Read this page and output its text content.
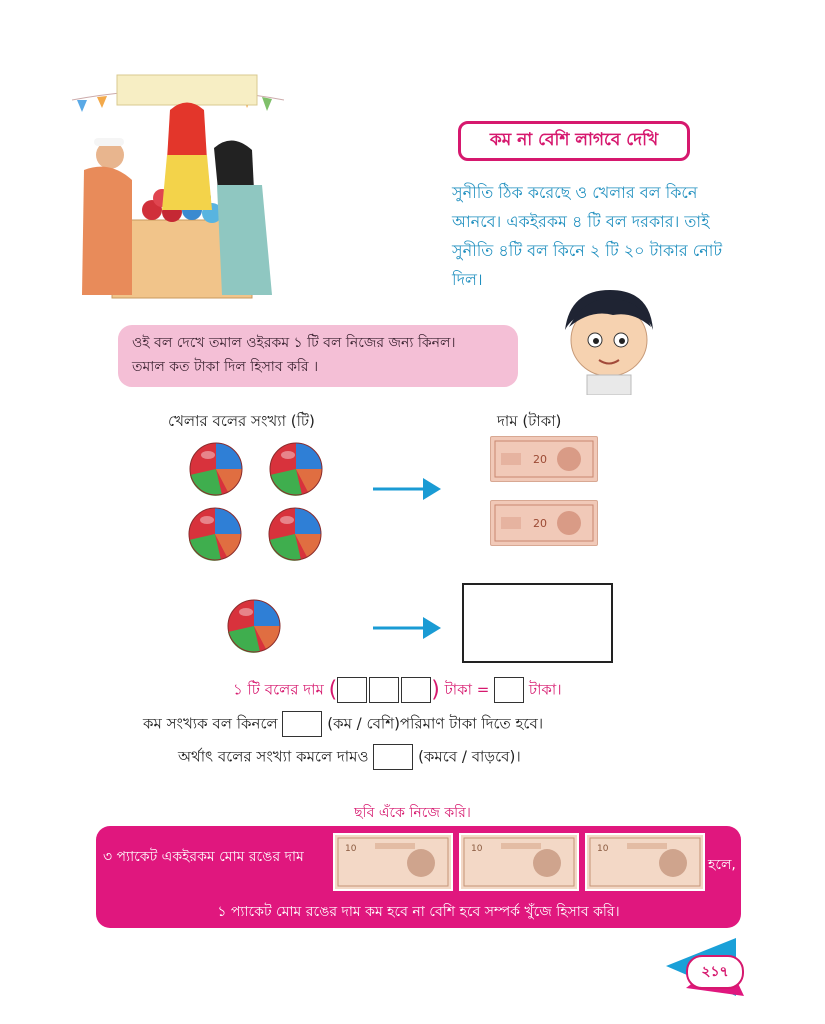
কম না বেশি লাগবে দেখি
সুনীতি ঠিক করেছে ও খেলার বল কিনে
আনবে। একইরকম ৪ টি বল দরকার। তাই
সুনীতি ৪টি বল কিনে ২ টি ২০ টাকার নোট
দিল।
ওই বল দেখে তমাল ওইরকম ১ টি বল নিজের জন্য কিনল।
তমাল কত টাকা দিল হিসাব করি ।
খেলার বলের সংখ্যা (টি)	দাম (টাকা)
20
20
১ টি বলের দাম (	) টাকা =	টাকা।
কম সংখ্যক বল কিনলে	(কম / বেশি)পরিমাণ টাকা দিতে হবে।
অর্থাৎ বলের সংখ্যা কমলে দামও	(কমবে / বাড়বে)।
ছবি এঁকে নিজে করি।
৩ প্যাকেট একইরকম মোম রঙের দাম	10	10	10
হলে,
১ প্যাকেট মোম রঙের দাম কম হবে না বেশি হবে সম্পর্ক খুঁজে হিসাব করি।
২১৭
